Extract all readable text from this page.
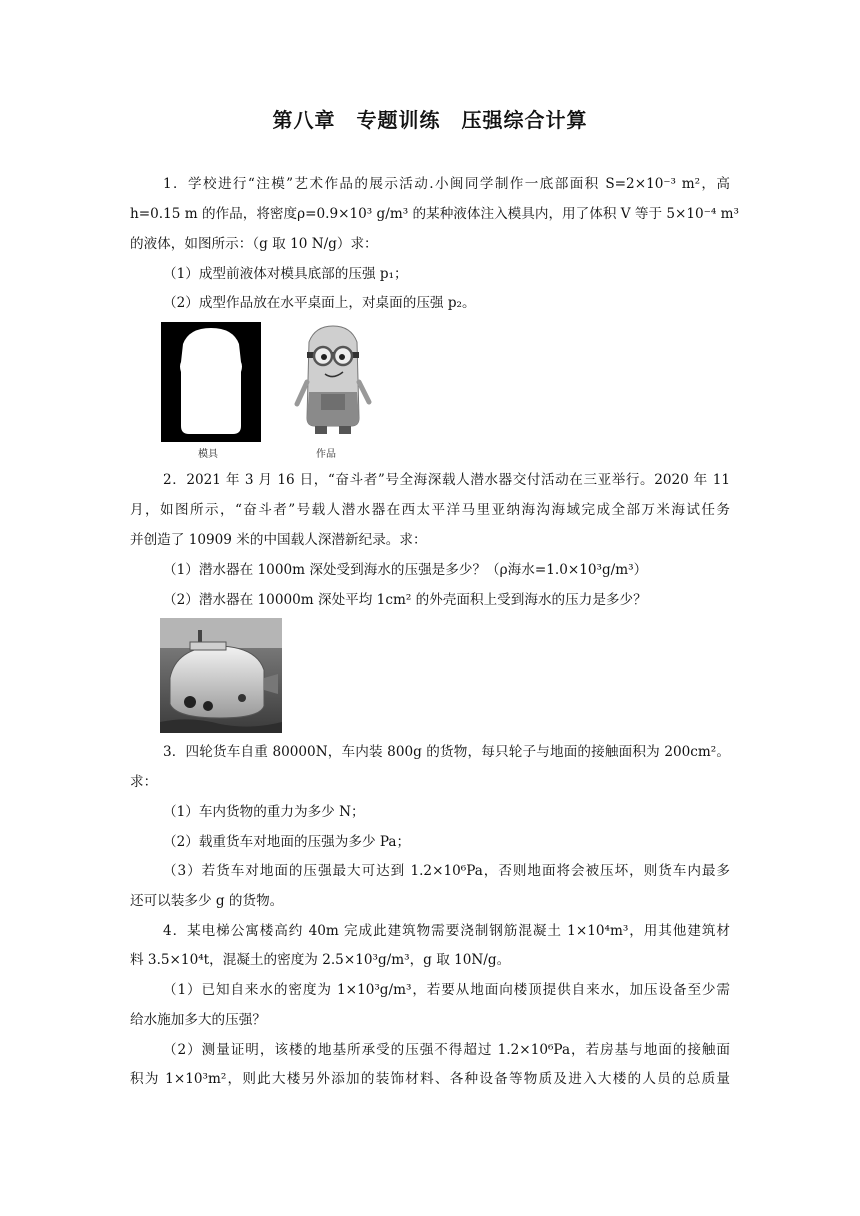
第八章　专题训练　压强综合计算
1．学校进行“注模”艺术作品的展示活动.小闽同学制作一底部面积 S=2×10⁻³ m²，高
h=0.15 m 的作品，将密度ρ=0.9×10³ g/m³ 的某种液体注入模具内，用了体积 V 等于 5×10⁻⁴ m³
的液体，如图所示：（g 取 10 N/g）求：
（1）成型前液体对模具底部的压强 p₁；
（2）成型作品放在水平桌面上，对桌面的压强 p₂。
模具	作品
2．2021 年 3 月 16 日，“奋斗者”号全海深载人潜水器交付活动在三亚举行。2020 年 11
月，如图所示，“奋斗者”号载人潜水器在西太平洋马里亚纳海沟海域完成全部万米海试任务
并创造了 10909 米的中国载人深潜新纪录。求：
（1）潜水器在 1000m 深处受到海水的压强是多少？（ρ海水=1.0×10³g/m³）
（2）潜水器在 10000m 深处平均 1cm² 的外壳面积上受到海水的压力是多少？
3．四轮货车自重 80000N，车内装 800g 的货物，每只轮子与地面的接触面积为 200cm²。
求：
（1）车内货物的重力为多少 N；
（2）载重货车对地面的压强为多少 Pa；
（3）若货车对地面的压强最大可达到 1.2×10⁶Pa，否则地面将会被压坏，则货车内最多
还可以装多少 g 的货物。
4．某电梯公寓楼高约 40m 完成此建筑物需要浇制钢筋混凝土 1×10⁴m³，用其他建筑材
料 3.5×10⁴t，混凝土的密度为 2.5×10³g/m³，g 取 10N/g。
（1）已知自来水的密度为 1×10³g/m³，若要从地面向楼顶提供自来水，加压设备至少需
给水施加多大的压强？
（2）测量证明，该楼的地基所承受的压强不得超过 1.2×10⁶Pa，若房基与地面的接触面
积为 1×10³m²，则此大楼另外添加的装饰材料、各种设备等物质及进入大楼的人员的总质量
